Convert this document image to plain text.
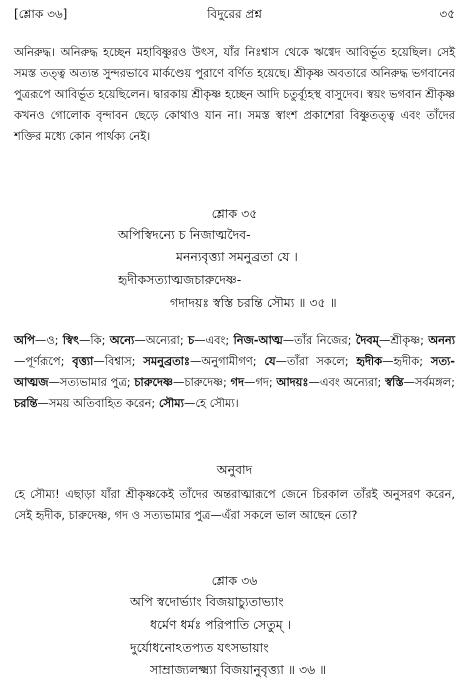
[শ্লোক ৩৬]	বিদুরের প্রশ্ন	৩৫

অনিরুদ্ধ। অনিরুদ্ধ হচ্ছেন মহাবিষ্ণুরও উৎস, যাঁর নিঃশ্বাস থেকে ঋগ্বেদ আবির্ভূত হয়েছিল। সেই সমস্ত তত্ত্ব অত্যন্ত সুন্দরভাবে মার্কণ্ডেয় পুরাণে বর্ণিত হয়েছে। শ্রীকৃষ্ণ অবতারে অনিরুদ্ধ ভগবানের পুত্ররূপে আবির্ভূত হয়েছিলেন। দ্বারকায় শ্রীকৃষ্ণ হচ্ছেন আদি চতুর্ব্যূহস্থ বাসুদেব। স্বয়ং ভগবান শ্রীকৃষ্ণ কখনও গোলোক বৃন্দাবন ছেড়ে কোথাও যান না। সমস্ত স্বাংশ প্রকাশেরা বিষ্ণুতত্ত্ব এবং তাঁদের শক্তির মধ্যে কোন পার্থক্য নেই।

শ্লোক ৩৫
অপিস্বিদন্যে চ নিজাত্মদৈব-
মনন্যবৃত্ত্যা সমনুব্রতা যে ।
হৃদীকসত্যাত্মজচারুদেষ্ণ-
গদাদয়ঃ স্বস্তি চরন্তি সৌম্য ॥ ৩৫ ॥

অপি—ও; স্বিৎ—কি; অন্যে—অন্যেরা; চ—এবং; নিজ-আত্ম—তাঁর নিজের; দৈবম্—শ্রীকৃষ্ণ; অনন্য—পূর্ণরূপে; বৃত্ত্যা—বিশ্বাস; সমনুব্রতাঃ—অনুগামীগণ; যে—তাঁরা সকলে; হৃদীক—হৃদীক; সত্য-আত্মজ—সত্যভামার পুত্র; চারুদেষ্ণ—চারুদেষ্ণ; গদ—গদ; আদয়ঃ—এবং অন্যেরা; স্বস্তি—সর্বমঙ্গল; চরন্তি—সময় অতিবাহিত করেন; সৌম্য—হে সৌম্য।

অনুবাদ

হে সৌম্য! এছাড়া যাঁরা শ্রীকৃষ্ণকেই তাঁদের অন্তরাত্মারূপে জেনে চিরকাল তাঁরই অনুসরণ করেন, সেই হৃদীক, চারুদেষ্ণ, গদ ও সত্যভামার পুত্র—এঁরা সকলে ভাল আছেন তো?

শ্লোক ৩৬
অপি স্বদোর্ভ্যাং বিজয়াচ্যুতাভ্যাং
ধর্মেণ ধর্মঃ পরিপাতি সেতুম্ ।
দুর্যোধনোঽতপ্যত যৎসভায়াং
সাম্রাজ্যলক্ষ্ম্যা বিজয়ানুবৃত্ত্যা ॥ ৩৬ ॥
